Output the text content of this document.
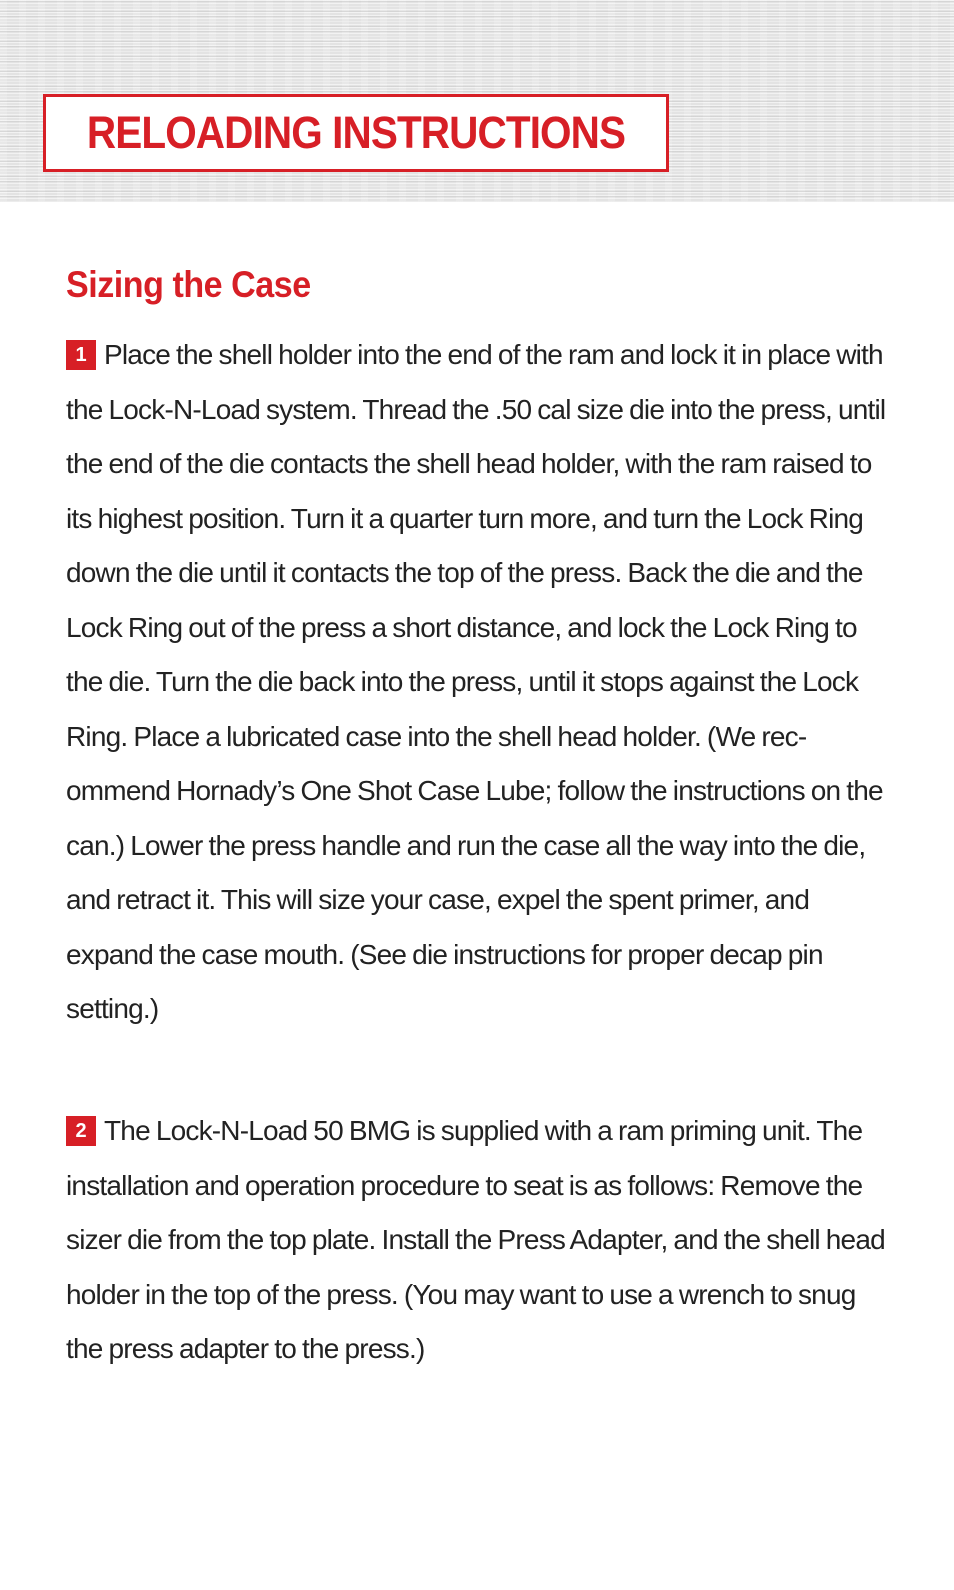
RELOADING INSTRUCTIONS
Sizing the Case

1 Place the shell holder into the end of the ram and lock it in place with the Lock-N-Load system. Thread the .50 cal size die into the press, until the end of the die contacts the shell head holder, with the ram raised to its highest position. Turn it a quarter turn more, and turn the Lock Ring down the die until it contacts the top of the press. Back the die and the Lock Ring out of the press a short distance, and lock the Lock Ring to the die. Turn the die back into the press, until it stops against the Lock Ring. Place a lubricated case into the shell head holder. (We recommend Hornady’s One Shot Case Lube; follow the instructions on the can.) Lower the press handle and run the case all the way into the die, and retract it. This will size your case, expel the spent primer, and expand the case mouth. (See die instructions for proper decap pin setting.)

2 The Lock-N-Load 50 BMG is supplied with a ram priming unit. The installation and operation procedure to seat is as follows: Remove the sizer die from the top plate. Install the Press Adapter, and the shell head holder in the top of the press. (You may want to use a wrench to snug the press adapter to the press.)
